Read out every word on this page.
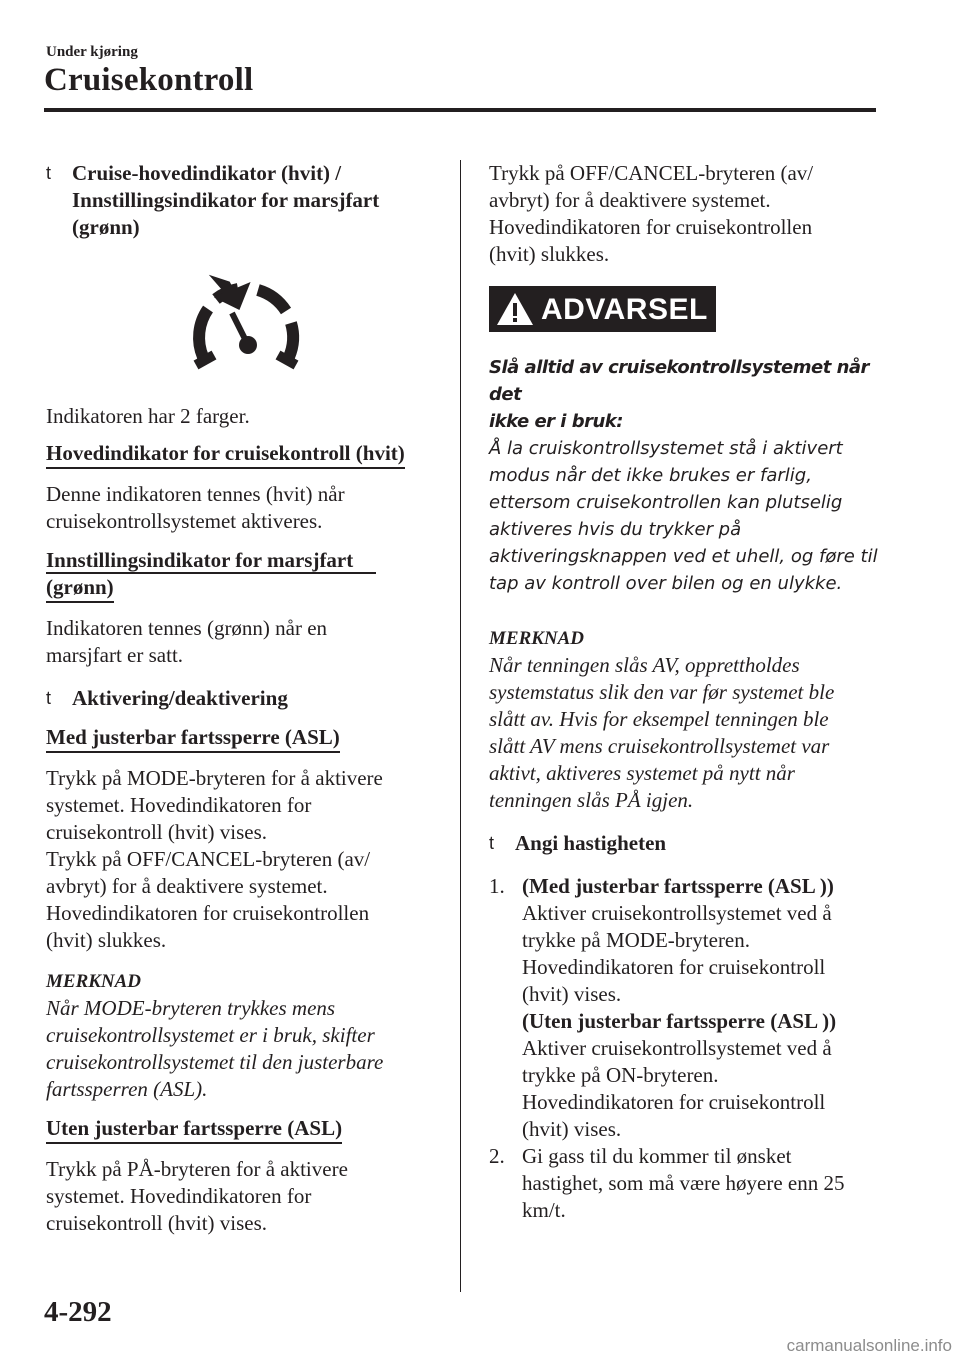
Under kjøring
Cruisekontroll
t Cruise-hovedindikator (hvit) /
Innstillingsindikator for marsjfart
(grønn)

Indikatoren har 2 farger.

Hovedindikator for cruisekontroll (hvit)
Denne indikatoren tennes (hvit) når
cruisekontrollsystemet aktiveres.
Innstillingsindikator for marsjfart
(grønn)
Indikatoren tennes (grønn) når en
marsjfart er satt.
t Aktivering/deaktivering
Med justerbar fartssperre (ASL)
Trykk på MODE-bryteren for å aktivere
systemet. Hovedindikatoren for
cruisekontroll (hvit) vises.
Trykk på OFF/CANCEL-bryteren (av/
avbryt) for å deaktivere systemet.
Hovedindikatoren for cruisekontrollen
(hvit) slukkes.
MERKNAD
Når MODE-bryteren trykkes mens
cruisekontrollsystemet er i bruk, skifter
cruisekontrollsystemet til den justerbare
fartssperren (ASL).
Uten justerbar fartssperre (ASL)
Trykk på PÅ-bryteren for å aktivere
systemet. Hovedindikatoren for
cruisekontroll (hvit) vises.
Trykk på OFF/CANCEL-bryteren (av/
avbryt) for å deaktivere systemet.
Hovedindikatoren for cruisekontrollen
(hvit) slukkes.
ADVARSEL
Slå alltid av cruisekontrollsystemet når det
ikke er i bruk:
Å la cruiskontrollsystemet stå i aktivert
modus når det ikke brukes er farlig,
ettersom cruisekontrollen kan plutselig
aktiveres hvis du trykker på
aktiveringsknappen ved et uhell, og føre til
tap av kontroll over bilen og en ulykke.
MERKNAD
Når tenningen slås AV, opprettholdes
systemstatus slik den var før systemet ble
slått av. Hvis for eksempel tenningen ble
slått AV mens cruisekontrollsystemet var
aktivt, aktiveres systemet på nytt når
tenningen slås PÅ igjen.
t Angi hastigheten
1. (Med justerbar fartssperre (ASL ))
Aktiver cruisekontrollsystemet ved å
trykke på MODE-bryteren.
Hovedindikatoren for cruisekontroll
(hvit) vises.
(Uten justerbar fartssperre (ASL ))
Aktiver cruisekontrollsystemet ved å
trykke på ON-bryteren.
Hovedindikatoren for cruisekontroll
(hvit) vises.
2. Gi gass til du kommer til ønsket
hastighet, som må være høyere enn 25
km/t.
4-292
carmanualsonline.info
